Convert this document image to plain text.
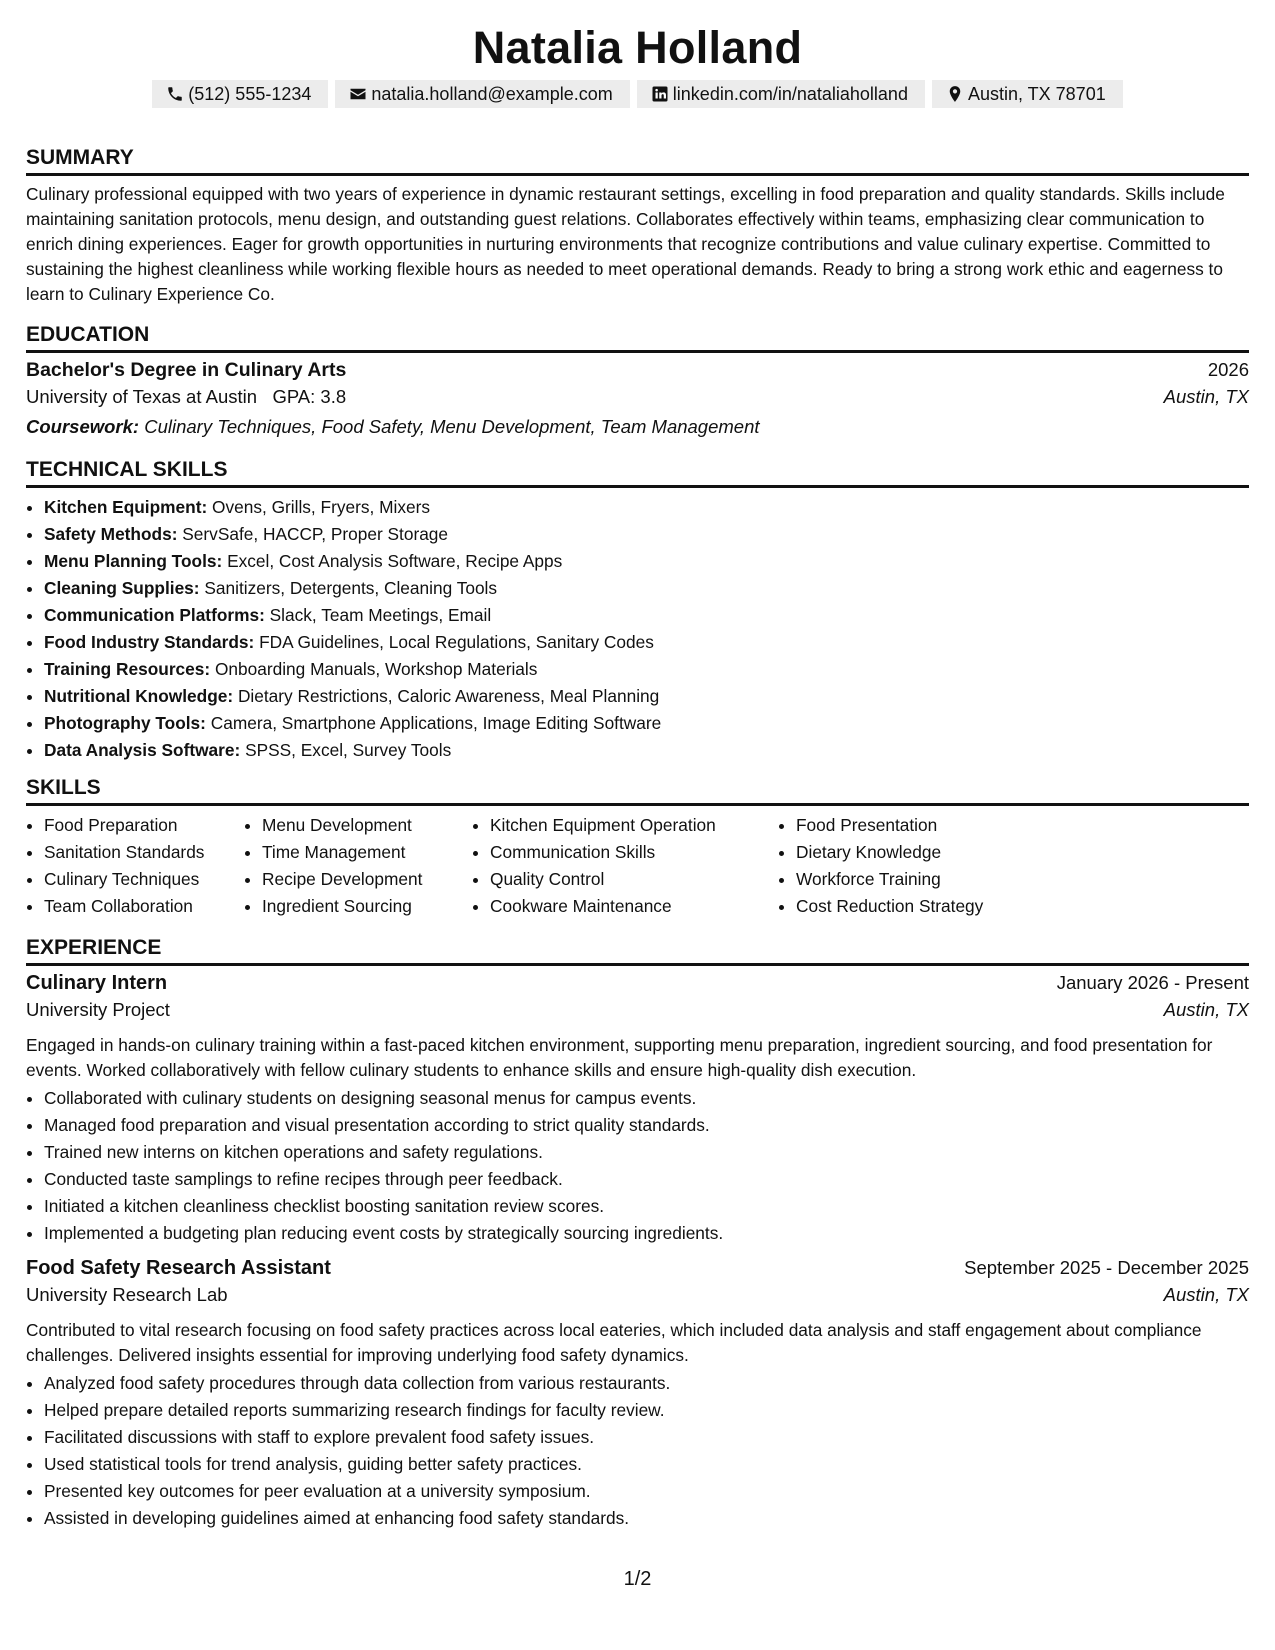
Natalia Holland
(512) 555-1234	natalia.holland@example.com	linkedin.com/in/nataliaholland	Austin, TX 78701
SUMMARY

Culinary professional equipped with two years of experience in dynamic restaurant settings, excelling in food preparation and quality standards. Skills include maintaining sanitation protocols, menu design, and outstanding guest relations. Collaborates effectively within teams, emphasizing clear communication to enrich dining experiences. Eager for growth opportunities in nurturing environments that recognize contributions and value culinary expertise. Committed to sustaining the highest cleanliness while working flexible hours as needed to meet operational demands. Ready to bring a strong work ethic and eagerness to learn to Culinary Experience Co.

EDUCATION
Bachelor's Degree in Culinary Arts	2026
University of Texas at Austin GPA: 3.8	Austin, TX
Coursework: Culinary Techniques, Food Safety, Menu Development, Team Management
TECHNICAL SKILLS
• Kitchen Equipment: Ovens, Grills, Fryers, Mixers
• Safety Methods: ServSafe, HACCP, Proper Storage
• Menu Planning Tools: Excel, Cost Analysis Software, Recipe Apps
• Cleaning Supplies: Sanitizers, Detergents, Cleaning Tools
• Communication Platforms: Slack, Team Meetings, Email
• Food Industry Standards: FDA Guidelines, Local Regulations, Sanitary Codes
• Training Resources: Onboarding Manuals, Workshop Materials
• Nutritional Knowledge: Dietary Restrictions, Caloric Awareness, Meal Planning
• Photography Tools: Camera, Smartphone Applications, Image Editing Software
• Data Analysis Software: SPSS, Excel, Survey Tools
SKILLS
• Food Preparation
• Sanitation Standards
• Culinary Techniques
• Team Collaboration
• Menu Development
• Time Management
• Recipe Development
• Ingredient Sourcing
• Kitchen Equipment Operation
• Communication Skills
• Quality Control
• Cookware Maintenance
• Food Presentation
• Dietary Knowledge
• Workforce Training
• Cost Reduction Strategy
EXPERIENCE
Culinary Intern	January 2026 - Present
University Project	Austin, TX

Engaged in hands-on culinary training within a fast-paced kitchen environment, supporting menu preparation, ingredient sourcing, and food presentation for events. Worked collaboratively with fellow culinary students to enhance skills and ensure high-quality dish execution.

• Collaborated with culinary students on designing seasonal menus for campus events.
• Managed food preparation and visual presentation according to strict quality standards.
• Trained new interns on kitchen operations and safety regulations.
• Conducted taste samplings to refine recipes through peer feedback.
• Initiated a kitchen cleanliness checklist boosting sanitation review scores.
• Implemented a budgeting plan reducing event costs by strategically sourcing ingredients.
Food Safety Research Assistant	September 2025 - December 2025
University Research Lab	Austin, TX

Contributed to vital research focusing on food safety practices across local eateries, which included data analysis and staff engagement about compliance challenges. Delivered insights essential for improving underlying food safety dynamics.

• Analyzed food safety procedures through data collection from various restaurants.
• Helped prepare detailed reports summarizing research findings for faculty review.
• Facilitated discussions with staff to explore prevalent food safety issues.
• Used statistical tools for trend analysis, guiding better safety practices.
• Presented key outcomes for peer evaluation at a university symposium.
• Assisted in developing guidelines aimed at enhancing food safety standards.
1/2
